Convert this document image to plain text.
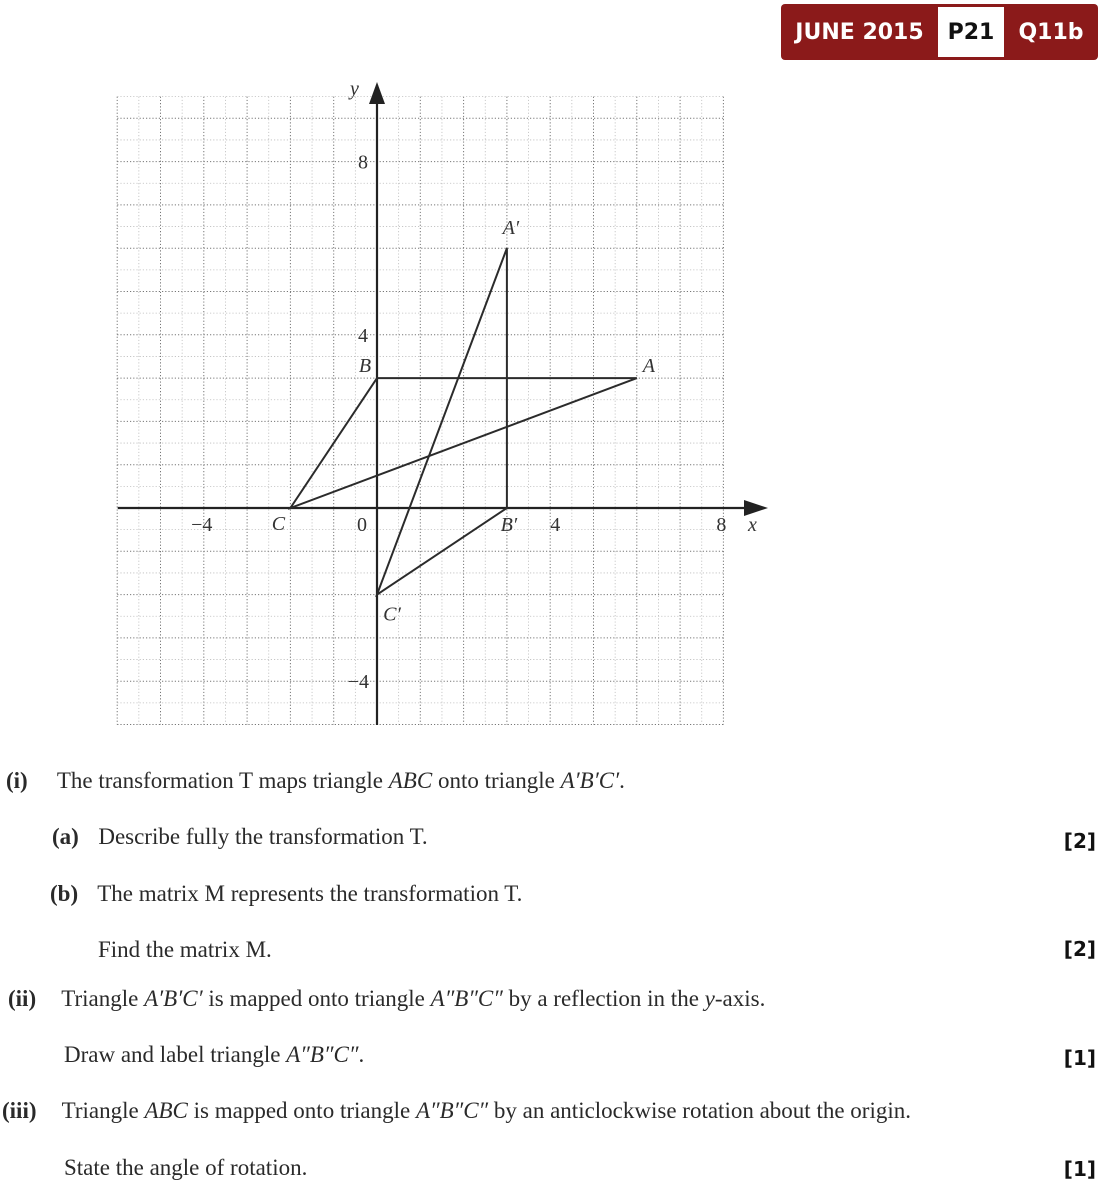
JUNE 2015	P21	Q11b
x
y
0
8
4
−4
−4	4	8
A
B
C
A′
B′
C′
(i) The transformation T maps triangle ABC onto triangle A′B′C′.
(a) Describe fully the transformation T.	[2]
(b) The matrix M represents the transformation T.
Find the matrix M.	[2]
(ii) Triangle A′B′C′ is mapped onto triangle A″B″C″ by a reflection in the y-axis.
Draw and label triangle A″B″C″.	[1]
(iii) Triangle ABC is mapped onto triangle A″B″C″ by an anticlockwise rotation about the origin.
State the angle of rotation.	[1]
